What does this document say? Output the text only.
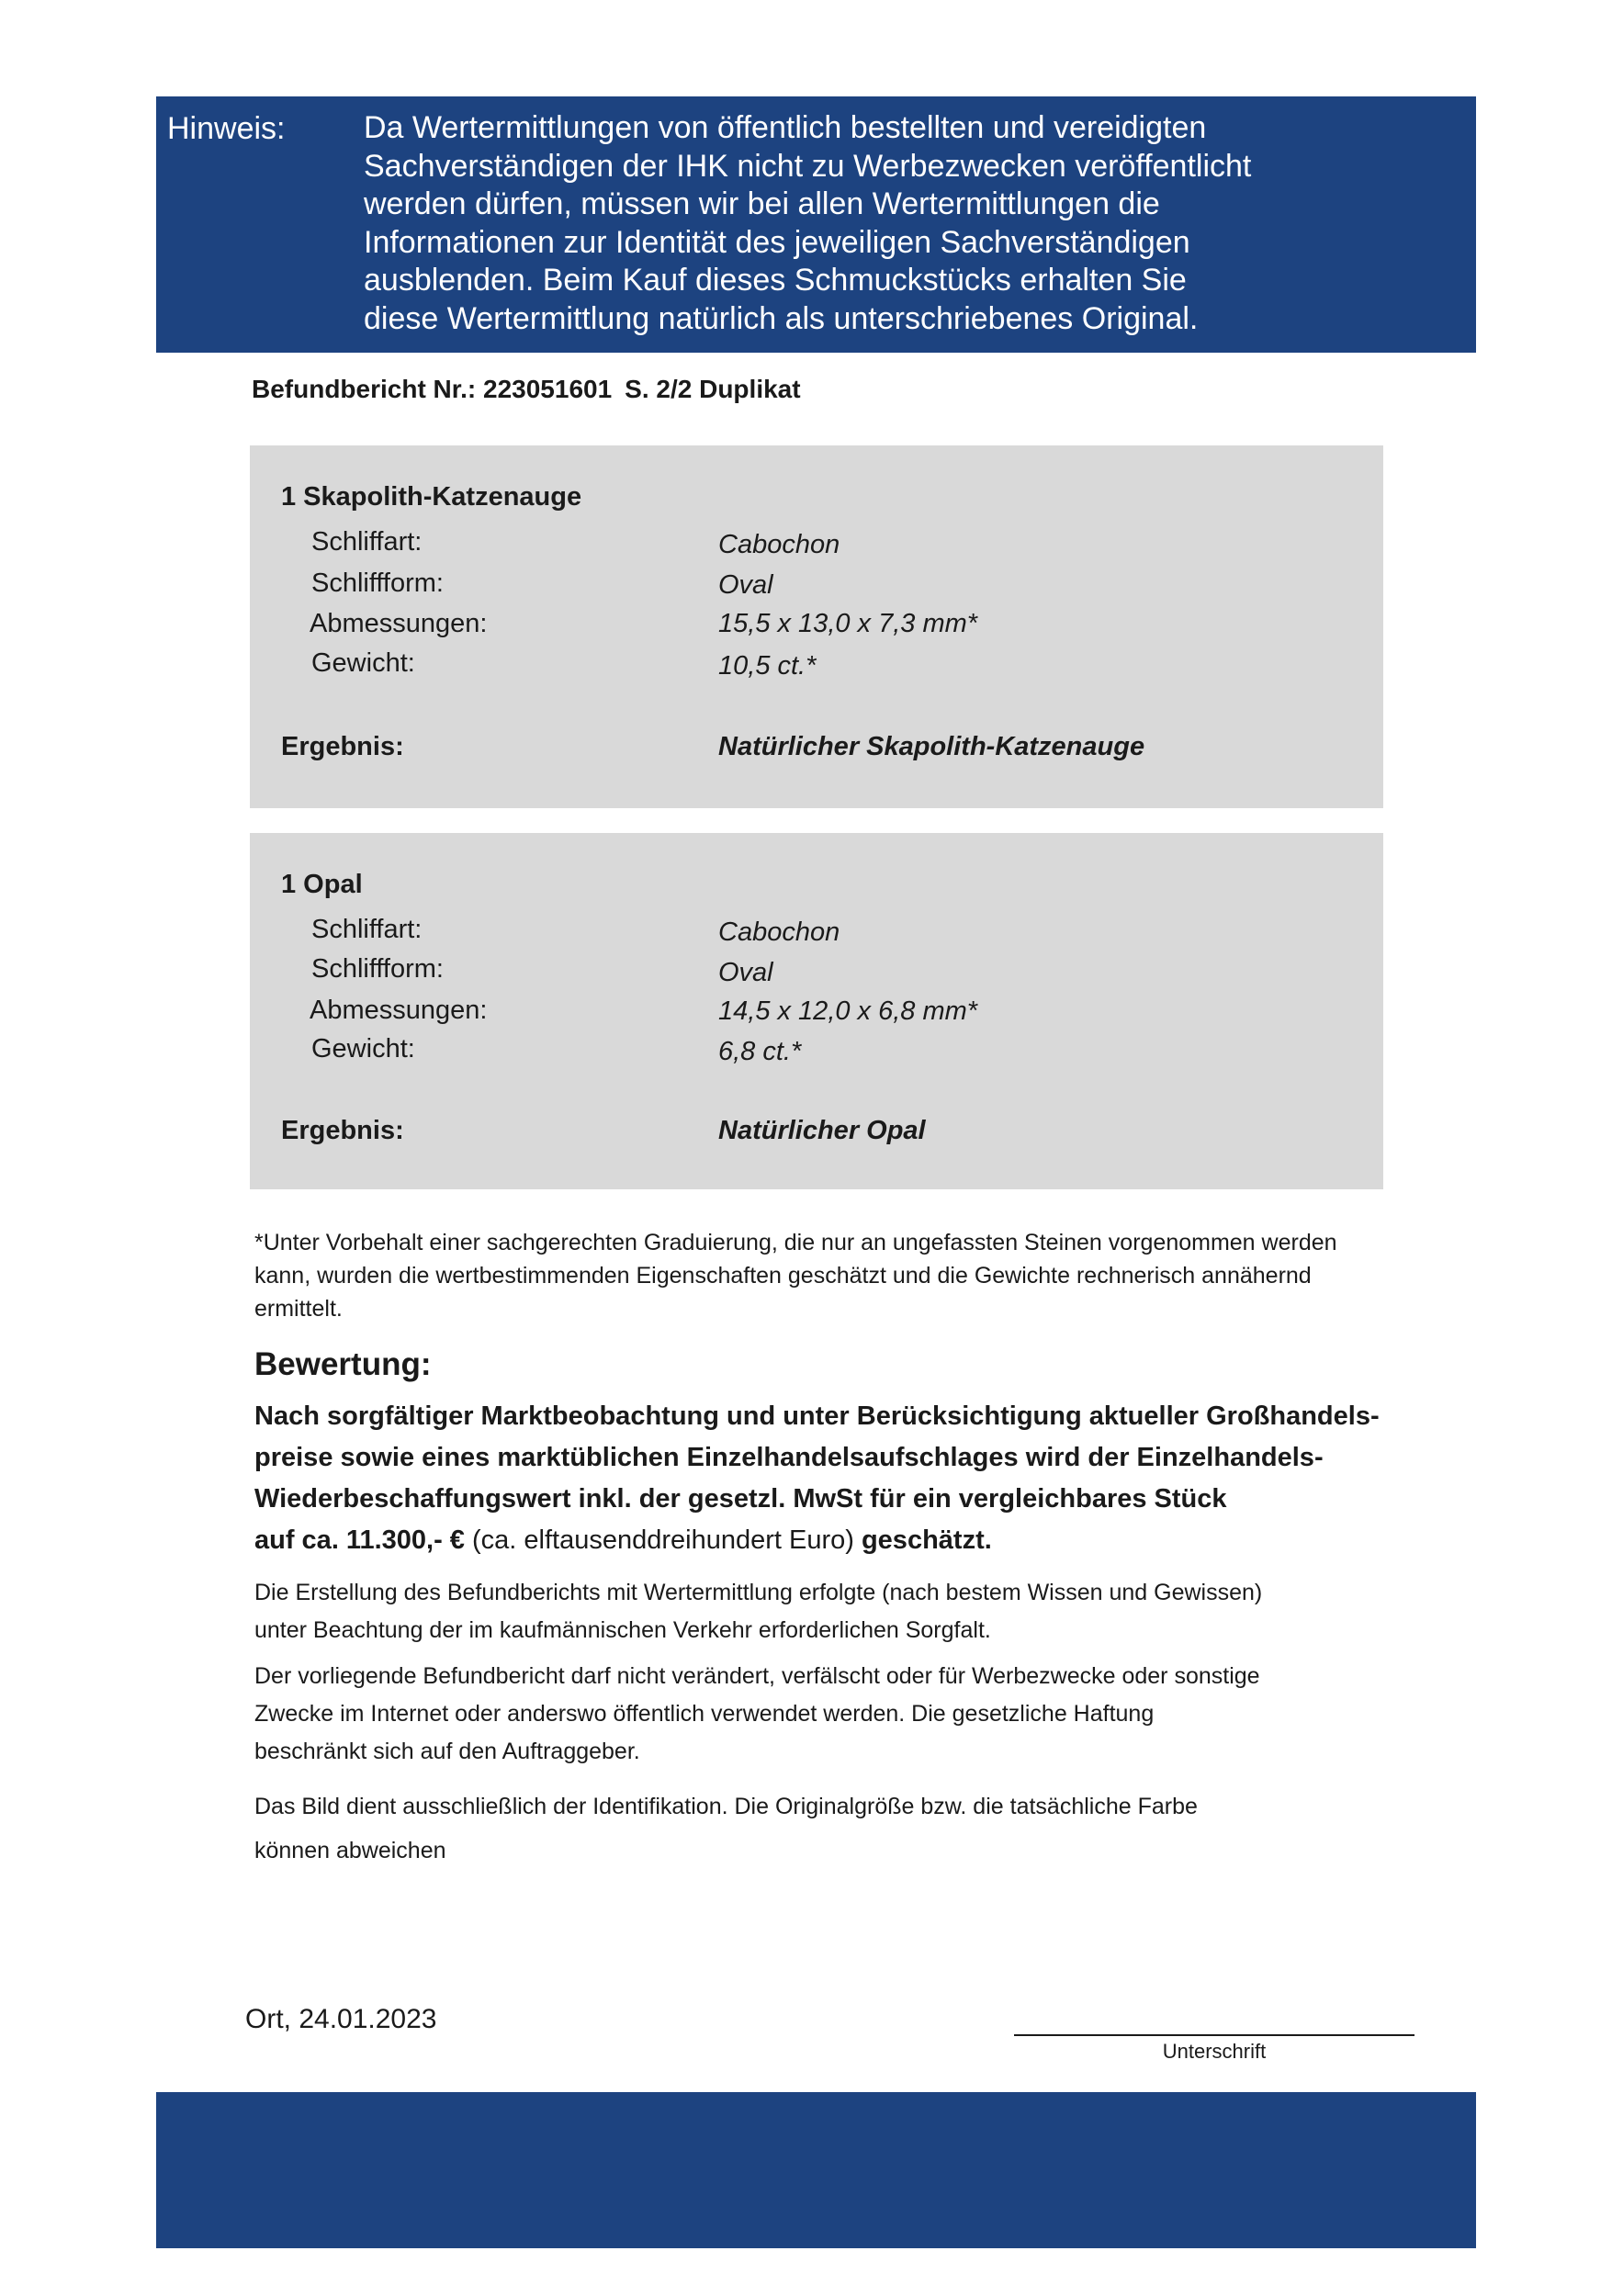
Hinweis:	Da Wertermittlungen von öffentlich bestellten und vereidigten
Sachverständigen der IHK nicht zu Werbezwecken veröffentlicht
werden dürfen, müssen wir bei allen Wertermittlungen die
Informationen zur Identität des jeweiligen Sachverständigen
ausblenden. Beim Kauf dieses Schmuckstücks erhalten Sie
diese Wertermittlung natürlich als unterschriebenes Original.
Befundbericht Nr.: 223051601 S. 2/2 Duplikat
1 Skapolith-Katzenauge
Schliffart:	Cabochon
Schliffform:	Oval
Abmessungen:	15,5 x 13,0 x 7,3 mm*
Gewicht:	10,5 ct.*
Ergebnis:	Natürlicher Skapolith-Katzenauge
1 Opal
Schliffart:	Cabochon
Schliffform:	Oval
Abmessungen:	14,5 x 12,0 x 6,8 mm*
Gewicht:	6,8 ct.*
Ergebnis:	Natürlicher Opal
*Unter Vorbehalt einer sachgerechten Graduierung, die nur an ungefassten Steinen vorgenommen werden
kann, wurden die wertbestimmenden Eigenschaften geschätzt und die Gewichte rechnerisch annähernd
ermittelt.
Bewertung:
Nach sorgfältiger Marktbeobachtung und unter Berücksichtigung aktueller Großhandels-
preise sowie eines marktüblichen Einzelhandelsaufschlages wird der Einzelhandels-
Wiederbeschaffungswert inkl. der gesetzl. MwSt für ein vergleichbares Stück
auf ca. 11.300,- € (ca. elftausenddreihundert Euro) geschätzt.
Die Erstellung des Befundberichts mit Wertermittlung erfolgte (nach bestem Wissen und Gewissen)
unter Beachtung der im kaufmännischen Verkehr erforderlichen Sorgfalt.
Der vorliegende Befundbericht darf nicht verändert, verfälscht oder für Werbezwecke oder sonstige
Zwecke im Internet oder anderswo öffentlich verwendet werden. Die gesetzliche Haftung
beschränkt sich auf den Auftraggeber.
Das Bild dient ausschließlich der Identifikation. Die Originalgröße bzw. die tatsächliche Farbe
können abweichen
Ort, 24.01.2023
Unterschrift
